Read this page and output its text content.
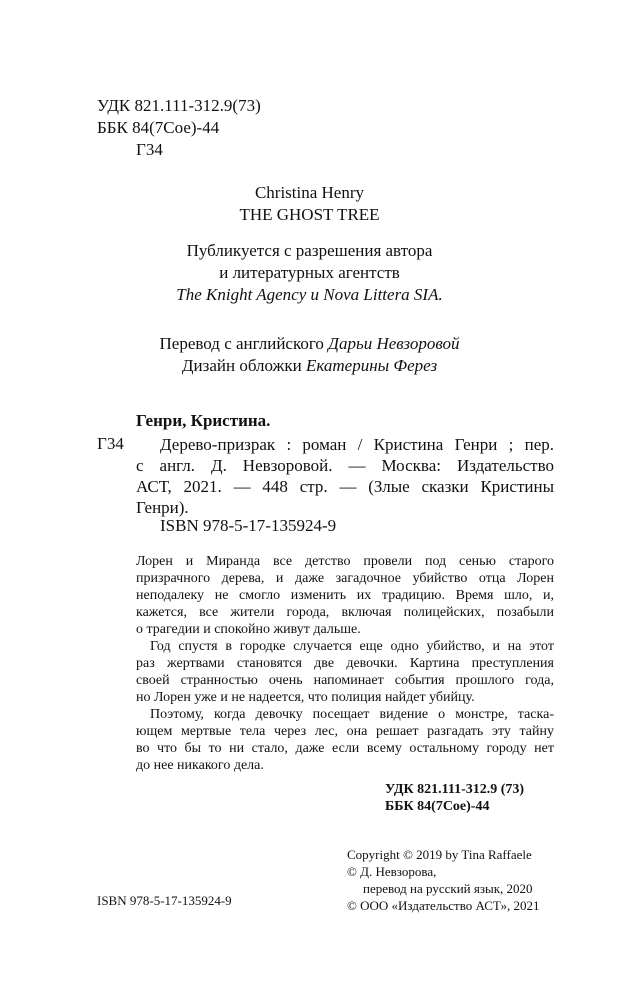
УДК 821.111-312.9(73)
ББК 84(7Сое)-44
Г34
Christina Henry
THE GHOST TREE
Публикуется с разрешения автора
и литературных агентств
The Knight Agency и Nova Littera SIA.
Перевод с английского Дарьи Невзоровой
Дизайн обложки Екатерины Ферез
Генри, Кристина.
Г34 Дерево-призрак : роман / Кристина Генри ; пер.
с англ. Д. Невзоровой. — Москва: Издательство
АСТ, 2021. — 448 стр. — (Злые сказки Кристины
Генри).
ISBN 978-5-17-135924-9
Лорен и Миранда все детство провели под сенью старого
призрачного дерева, и даже загадочное убийство отца Лорен
неподалеку не смогло изменить их традицию. Время шло, и,
кажется, все жители города, включая полицейских, позабыли
о трагедии и спокойно живут дальше.
Год спустя в городке случается еще одно убийство, и на этот
раз жертвами становятся две девочки. Картина преступления
своей странностью очень напоминает события прошлого года,
но Лорен уже и не надеется, что полиция найдет убийцу.
Поэтому, когда девочку посещает видение о монстре, таска-
ющем мертвые тела через лес, она решает разгадать эту тайну
во что бы то ни стало, даже если всему остальному городу нет
до нее никакого дела.
УДК 821.111-312.9 (73)
ББК 84(7Сое)-44
Copyright © 2019 by Tina Raffaele
© Д. Невзорова,
перевод на русский язык, 2020
© ООО «Издательство АСТ», 2021
ISBN 978-5-17-135924-9
